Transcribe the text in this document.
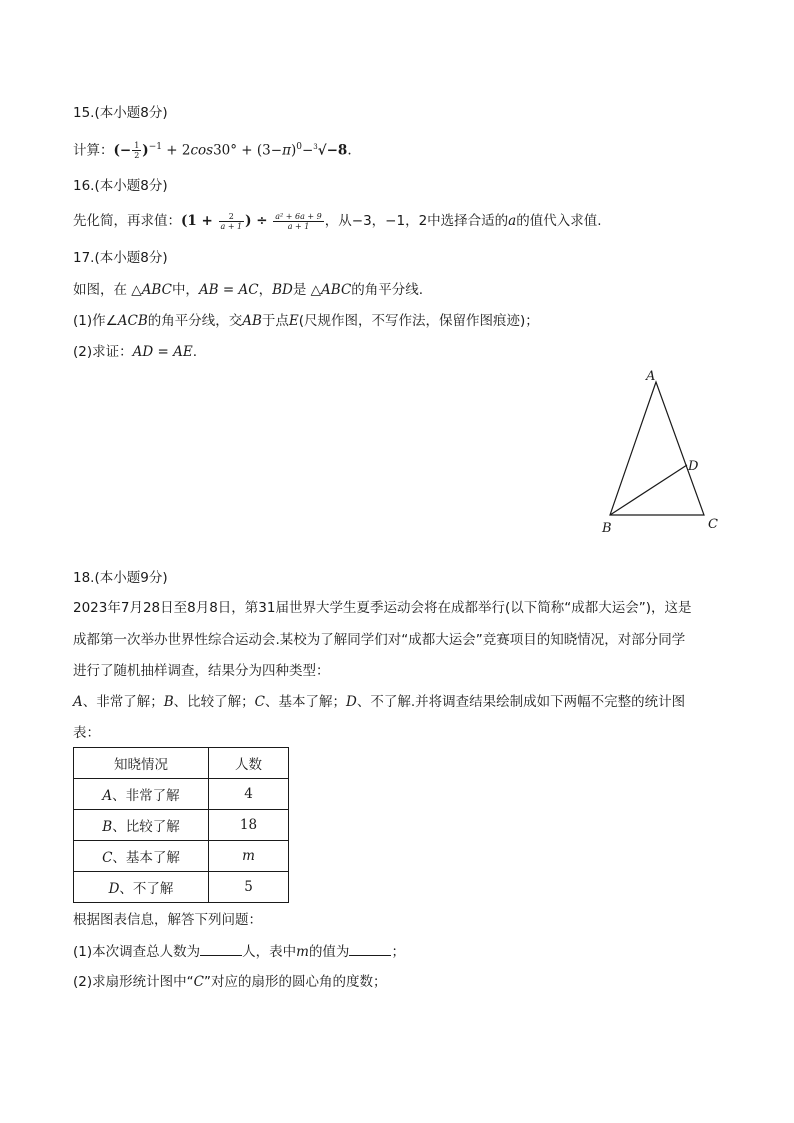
15.(本小题8分)
计算：(− $\frac{1}{2} )^{-1} + 2\cos 30^\circ + (3-\pi)^0-^3√-8$.
16.(本小题8分)
先化简，再求值：($1 + \frac{2}{a + 1}$ ) ÷ $\frac{\text{a² + 6a + 9}}{a + 1}$ ，从−3，−1，2中选择合适的a的值代入求值.
17.(本小题8分)
如图，在 △ABC中，AB = AC，BD是 △ABC的角平分线.
(1)作∠ACB的角平分线，交AB于点E(尺规作图，不写作法，保留作图痕迹)；
(2)求证：AD = AE.
A
B	C
D
18.(本小题9分)
2023年7月28日至8月8日，第31届世界大学生夏季运动会将在成都举行(以下简称“成都大运会”)，这是
成都第一次举办世界性综合运动会.某校为了解同学们对“成都大运会”竞赛项目的知晓情况，对部分同学
进行了随机抽样调查，结果分为四种类型：
A、非常了解；B、比较了解；C、基本了解；D、不了解.并将调查结果绘制成如下两幅不完整的统计图
表：
知晓情况	人数
A、非常了解	4
B、比较了解	18
C、基本了解	m
D、不了解	5
根据图表信息，解答下列问题：
(1)本次调查总人数为	人，表中m的值为	；
(2)求扇形统计图中“C”对应的扇形的圆心角的度数；
